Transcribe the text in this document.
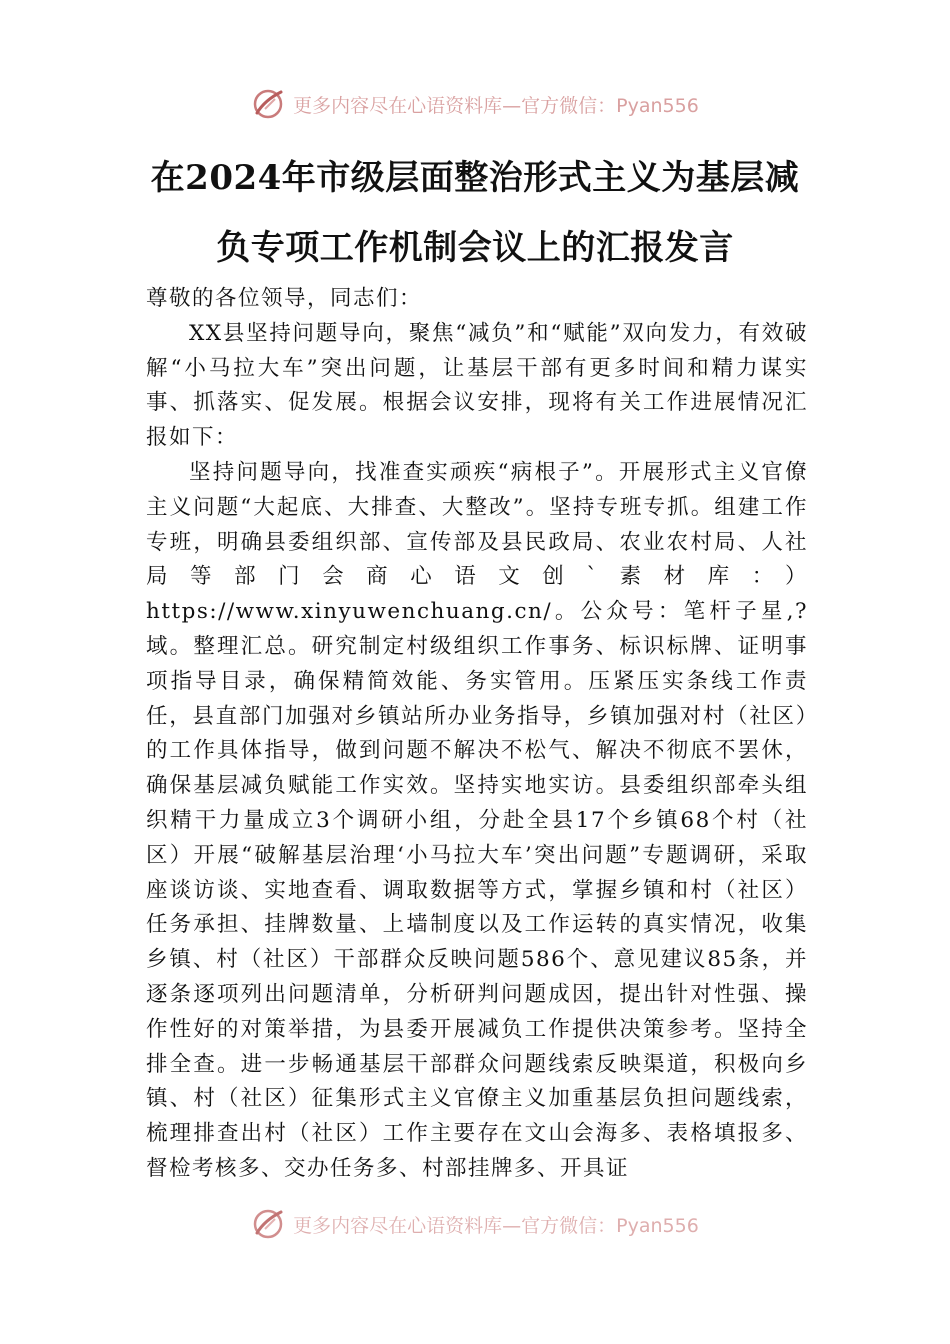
更多内容尽在心语资料库—官方微信：Pyan556
在2024年市级层面整治形式主义为基层减
负专项工作机制会议上的汇报发言

尊敬的各位领导，同志们：

XX县坚持问题导向，聚焦“减负”和“赋能”双向发力，有效破解“小马拉大车”突出问题，让基层干部有更多时间和精力谋实事、抓落实、促发展。根据会议安排，现将有关工作进展情况汇报如下：

坚持问题导向，找准查实顽疾“病根子”。开展形式主义官僚主义问题“大起底、大排查、大整改”。坚持专班专抓。组建工作专班，明确县委组织部、宣传部及县民政局、农业农村局、人社局等部门会商心语文创`素材库：）https://www.xinyuwenchuang.cn/。公众号：笔杆子星,?域。整理汇总。研究制定村级组织工作事务、标识标牌、证明事项指导目录，确保精简效能、务实管用。压紧压实条线工作责任，县直部门加强对乡镇站所办业务指导，乡镇加强对村（社区）的工作具体指导，做到问题不解决不松气、解决不彻底不罢休，确保基层减负赋能工作实效。坚持实地实访。县委组织部牵头组织精干力量成立3个调研小组，分赴全县17个乡镇68个村（社区）开展“破解基层治理‘小马拉大车’突出问题”专题调研，采取座谈访谈、实地查看、调取数据等方式，掌握乡镇和村（社区）任务承担、挂牌数量、上墙制度以及工作运转的真实情况，收集乡镇、村（社区）干部群众反映问题586个、意见建议85条，并逐条逐项列出问题清单，分析研判问题成因，提出针对性强、操作性好的对策举措，为县委开展减负工作提供决策参考。坚持全排全查。进一步畅通基层干部群众问题线索反映渠道，积极向乡镇、村（社区）征集形式主义官僚主义加重基层负担问题线索，梳理排查出村（社区）工作主要存在文山会海多、表格填报多、督检考核多、交办任务多、村部挂牌多、开具证

更多内容尽在心语资料库—官方微信：Pyan556
